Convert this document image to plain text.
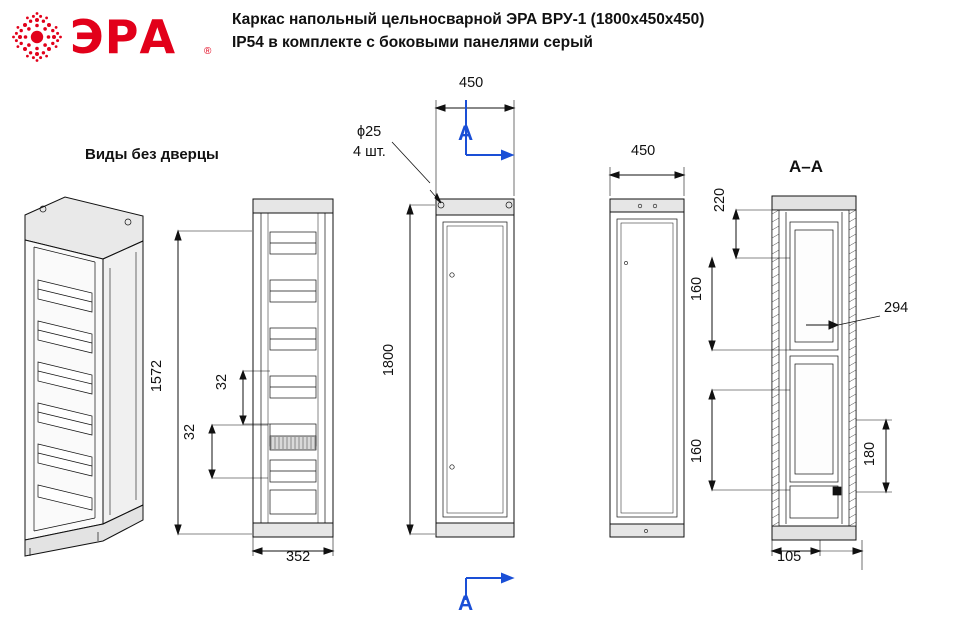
ЭРА	®
Каркас напольный цельносварной ЭРА ВРУ-1 (1800х450х450)
IP54 в комплекте с боковыми панелями серый
Виды без дверцы
ϕ25
4 шт.
450
450
1800
1572
32
32
352
220
160
160
294
180
105
А
А
А–А
